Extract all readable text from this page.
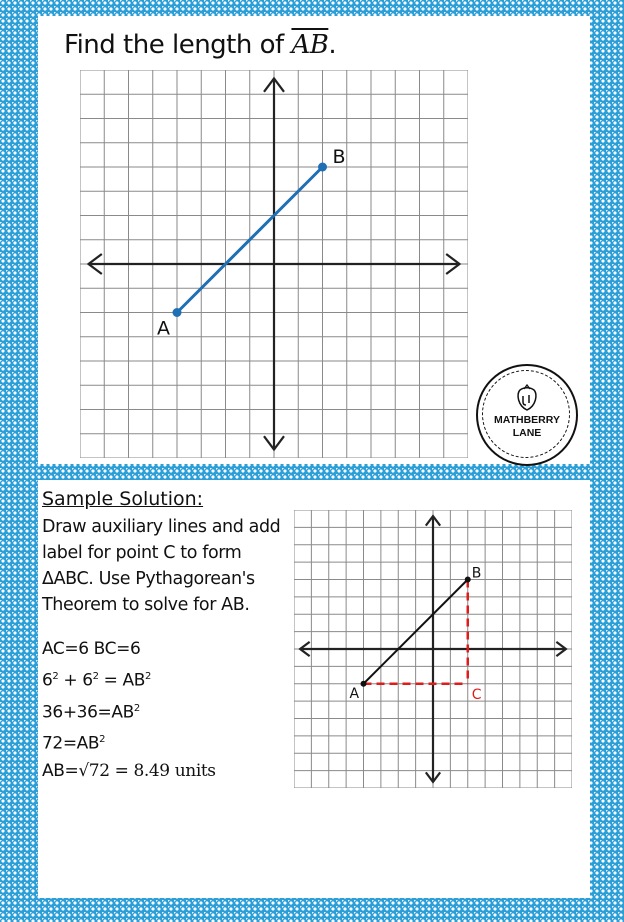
Find the length of $\overline{AB}$.
A
B
MATHBERRY
LANE
Sample Solution:
Draw auxiliary lines and add
label for point C to form
ΔABC. Use Pythagorean's
Theorem to solve for AB.
AC=6 BC=6
$6^2 + 6^2 = AB^2$
$36+36=AB^2$
$72=AB^2$
AB=√72 = 8.49 units
A
B
C
